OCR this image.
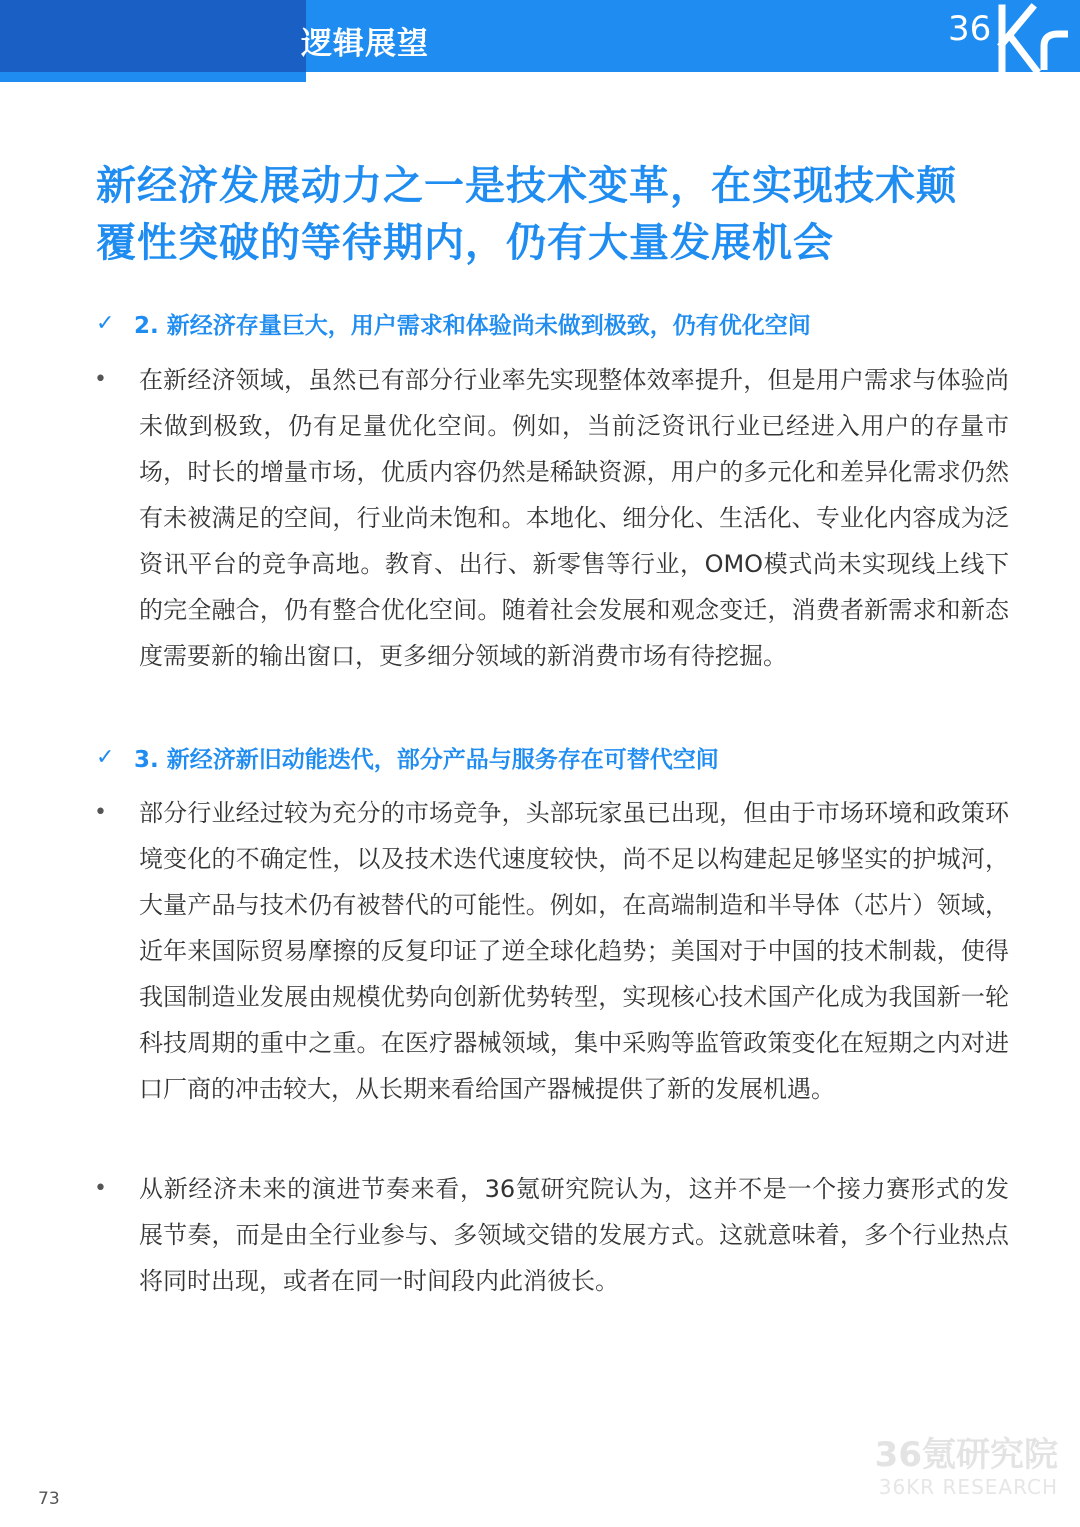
逻辑展望	36
新经济发展动力之一是技术变革，在实现技术颠覆性突破的等待期内，仍有大量发展机会
✓ 2. 新经济存量巨大，用户需求和体验尚未做到极致，仍有优化空间
•	在新经济领域，虽然已有部分行业率先实现整体效率提升，但是用户需求与体验尚未做到极致，仍有足量优化空间。例如，当前泛资讯行业已经进入用户的存量市场，时长的增量市场，优质内容仍然是稀缺资源，用户的多元化和差异化需求仍然有未被满足的空间，行业尚未饱和。本地化、细分化、生活化、专业化内容成为泛资讯平台的竞争高地。教育、出行、新零售等行业，OMO模式尚未实现线上线下的完全融合，仍有整合优化空间。随着社会发展和观念变迁，消费者新需求和新态度需要新的输出窗口，更多细分领域的新消费市场有待挖掘。

✓ 3. 新经济新旧动能迭代，部分产品与服务存在可替代空间
•	部分行业经过较为充分的市场竞争，头部玩家虽已出现，但由于市场环境和政策环境变化的不确定性，以及技术迭代速度较快，尚不足以构建起足够坚实的护城河，大量产品与技术仍有被替代的可能性。例如，在高端制造和半导体（芯片）领域，近年来国际贸易摩擦的反复印证了逆全球化趋势；美国对于中国的技术制裁，使得我国制造业发展由规模优势向创新优势转型，实现核心技术国产化成为我国新一轮科技周期的重中之重。在医疗器械领域，集中采购等监管政策变化在短期之内对进口厂商的冲击较大，从长期来看给国产器械提供了新的发展机遇。

•	从新经济未来的演进节奏来看，36氪研究院认为，这并不是一个接力赛形式的发展节奏，而是由全行业参与、多领域交错的发展方式。这就意味着，多个行业热点将同时出现，或者在同一时间段内此消彼长。

36氪研究院
36KR RESEARCH
73
